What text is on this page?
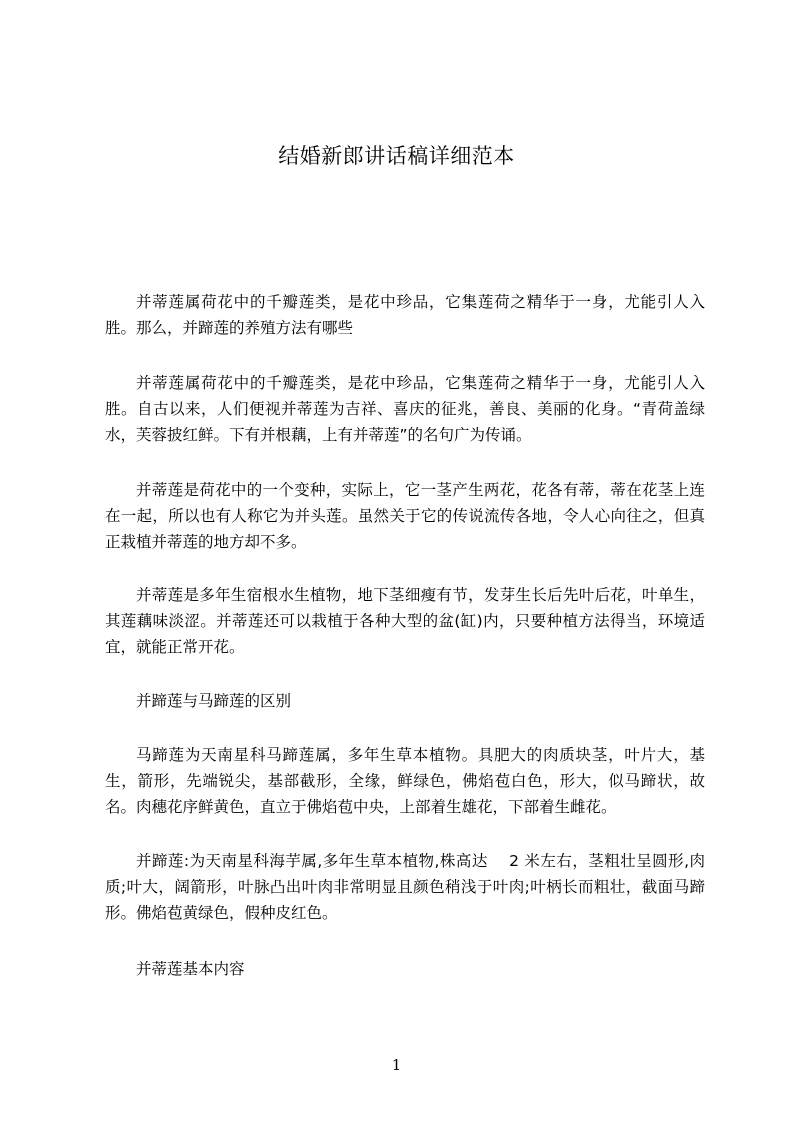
结婚新郎讲话稿详细范本

并蒂莲属荷花中的千瓣莲类，是花中珍品，它集莲荷之精华于一身，尤能引人入胜。那么，并蹄莲的养殖方法有哪些

并蒂莲属荷花中的千瓣莲类，是花中珍品，它集莲荷之精华于一身，尤能引人入胜。自古以来，人们便视并蒂莲为吉祥、喜庆的征兆，善良、美丽的化身。“青荷盖绿水，芙蓉披红鲜。下有并根藕，上有并蒂莲”的名句广为传诵。

并蒂莲是荷花中的一个变种，实际上，它一茎产生两花，花各有蒂，蒂在花茎上连在一起，所以也有人称它为并头莲。虽然关于它的传说流传各地，令人心向往之，但真正栽植并蒂莲的地方却不多。

并蒂莲是多年生宿根水生植物，地下茎细瘦有节，发芽生长后先叶后花，叶单生，其莲藕味淡涩。并蒂莲还可以栽植于各种大型的盆(缸)内，只要种植方法得当，环境适宜，就能正常开花。

并蹄莲与马蹄莲的区别

马蹄莲为天南星科马蹄莲属，多年生草本植物。具肥大的肉质块茎，叶片大，基生，箭形，先端锐尖，基部截形，全缘，鲜绿色，佛焰苞白色，形大，似马蹄状，故名。肉穗花序鲜黄色，直立于佛焰苞中央，上部着生雄花，下部着生雌花。

并蹄莲:为天南星科海芋属,多年生草本植物,株高达　 2 米左右，茎粗壮呈圆形,肉质;叶大，阔箭形，叶脉凸出叶肉非常明显且颜色稍浅于叶肉;叶柄长而粗壮，截面马蹄形。佛焰苞黄绿色，假种皮红色。

并蒂莲基本内容

1
